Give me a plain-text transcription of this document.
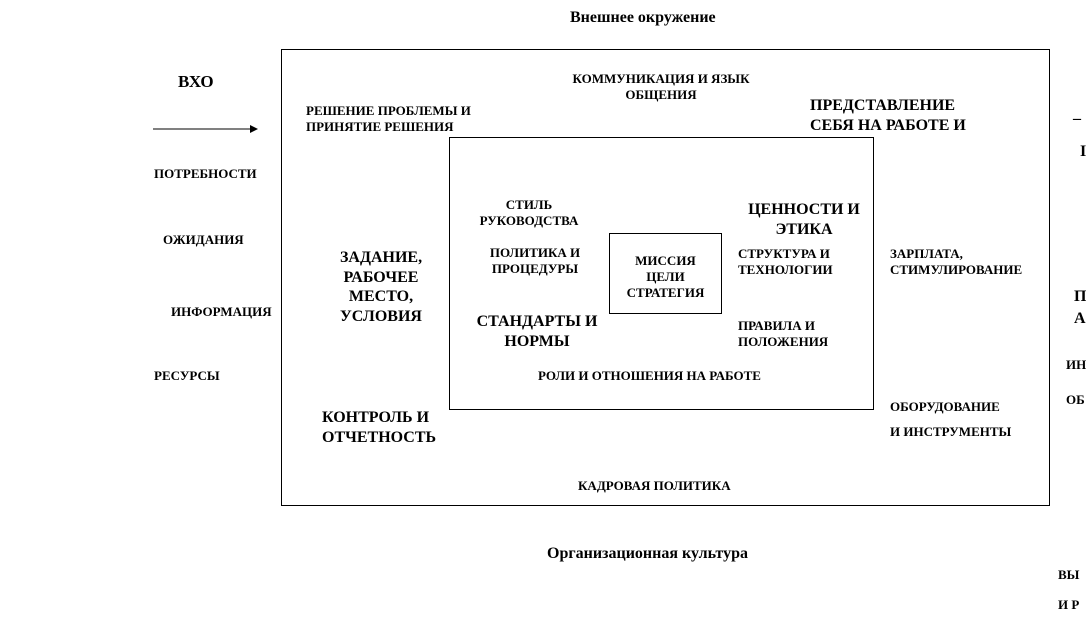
Внешнее окружение
ВХО
ПОТРЕБНОСТИ
ОЖИДАНИЯ
ИНФОРМАЦИЯ
РЕСУРСЫ
КОММУНИКАЦИЯ И ЯЗЫК
ОБЩЕНИЯ
РЕШЕНИЕ ПРОБЛЕМЫ И
ПРИНЯТИЕ РЕШЕНИЯ
ПРЕДСТАВЛЕНИЕ
СЕБЯ НА РАБОТЕ И
ЗАДАНИЕ,
РАБОЧЕЕ
МЕСТО,
УСЛОВИЯ
ЗАРПЛАТА,
СТИМУЛИРОВАНИЕ
КОНТРОЛЬ И
ОТЧЕТНОСТЬ
ОБОРУДОВАНИЕ
И ИНСТРУМЕНТЫ
КАДРОВАЯ ПОЛИТИКА
СТИЛЬ
РУКОВОДСТВА
ЦЕННОСТИ И
ЭТИКА
ПОЛИТИКА И
ПРОЦЕДУРЫ
СТРУКТУРА И
ТЕХНОЛОГИИ
СТАНДАРТЫ И
НОРМЫ
ПРАВИЛА И
ПОЛОЖЕНИЯ
РОЛИ И ОТНОШЕНИЯ НА РАБОТЕ
МИССИЯ
ЦЕЛИ
СТРАТЕГИЯ
Организационная культура
_
I
П
А
ИН
ОБ
ВЫ
И Р
